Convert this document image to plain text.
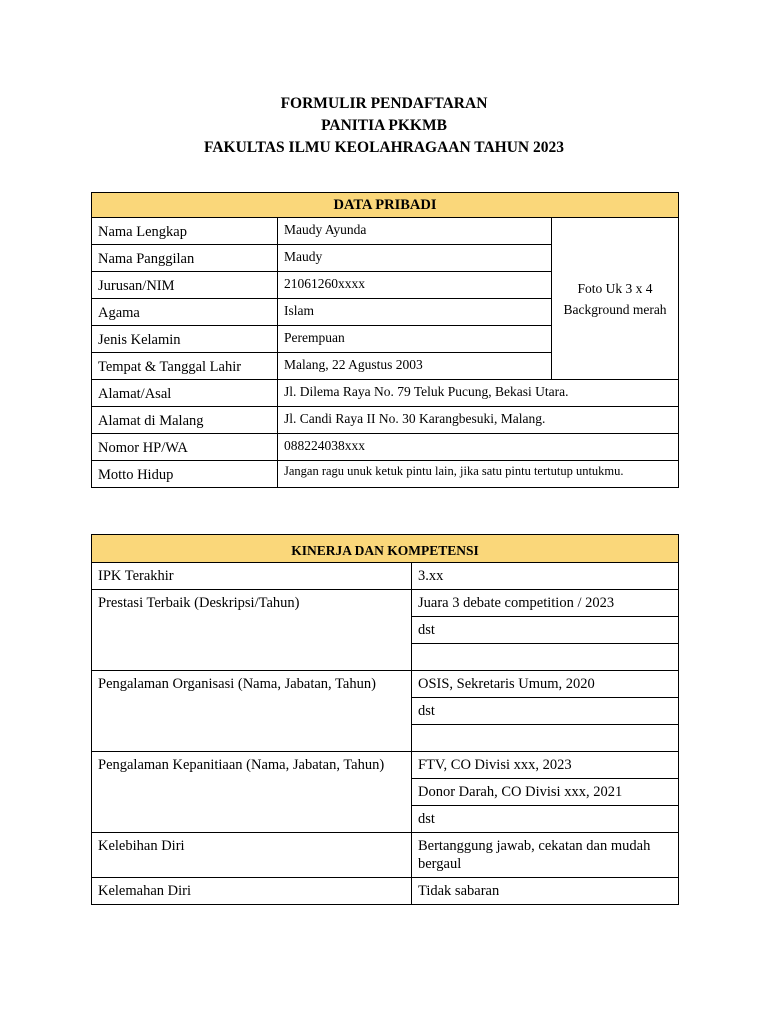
FORMULIR PENDAFTARAN
PANITIA PKKMB
FAKULTAS ILMU KEOLAHRAGAAN TAHUN 2023
DATA PRIBADI		
Nama Lengkap	Maudy Ayunda	Foto Uk 3 x 4
Background merah

Nama Panggilan	Maudy	
Jurusan/NIM	21061260xxxx	
Agama	Islam	
Jenis Kelamin	Perempuan	
Tempat & Tanggal Lahir	Malang, 22 Agustus 2003	
Alamat/Asal	Jl. Dilema Raya No. 79 Teluk Pucung, Bekasi Utara.	
Alamat di Malang	Jl. Candi Raya II No. 30 Karangbesuki, Malang.	
Nomor HP/WA	088224038xxx	
Motto Hidup	Jangan ragu unuk ketuk pintu lain, jika satu pintu tertutup untukmu.	
KINERJA DAN KOMPETENSI	
IPK Terakhir	3.xx
Prestasi Terbaik (Deskripsi/Tahun)	Juara 3 debate competition / 2023
	dst

Pengalaman Organisasi (Nama, Jabatan, Tahun)	OSIS, Sekretaris Umum, 2020
	dst

Pengalaman Kepanitiaan (Nama, Jabatan, Tahun)	FTV, CO Divisi xxx, 2023
	Donor Darah, CO Divisi xxx, 2021
	dst
Kelebihan Diri	Bertanggung jawab, cekatan dan mudah bergaul
Kelemahan Diri	Tidak sabaran
